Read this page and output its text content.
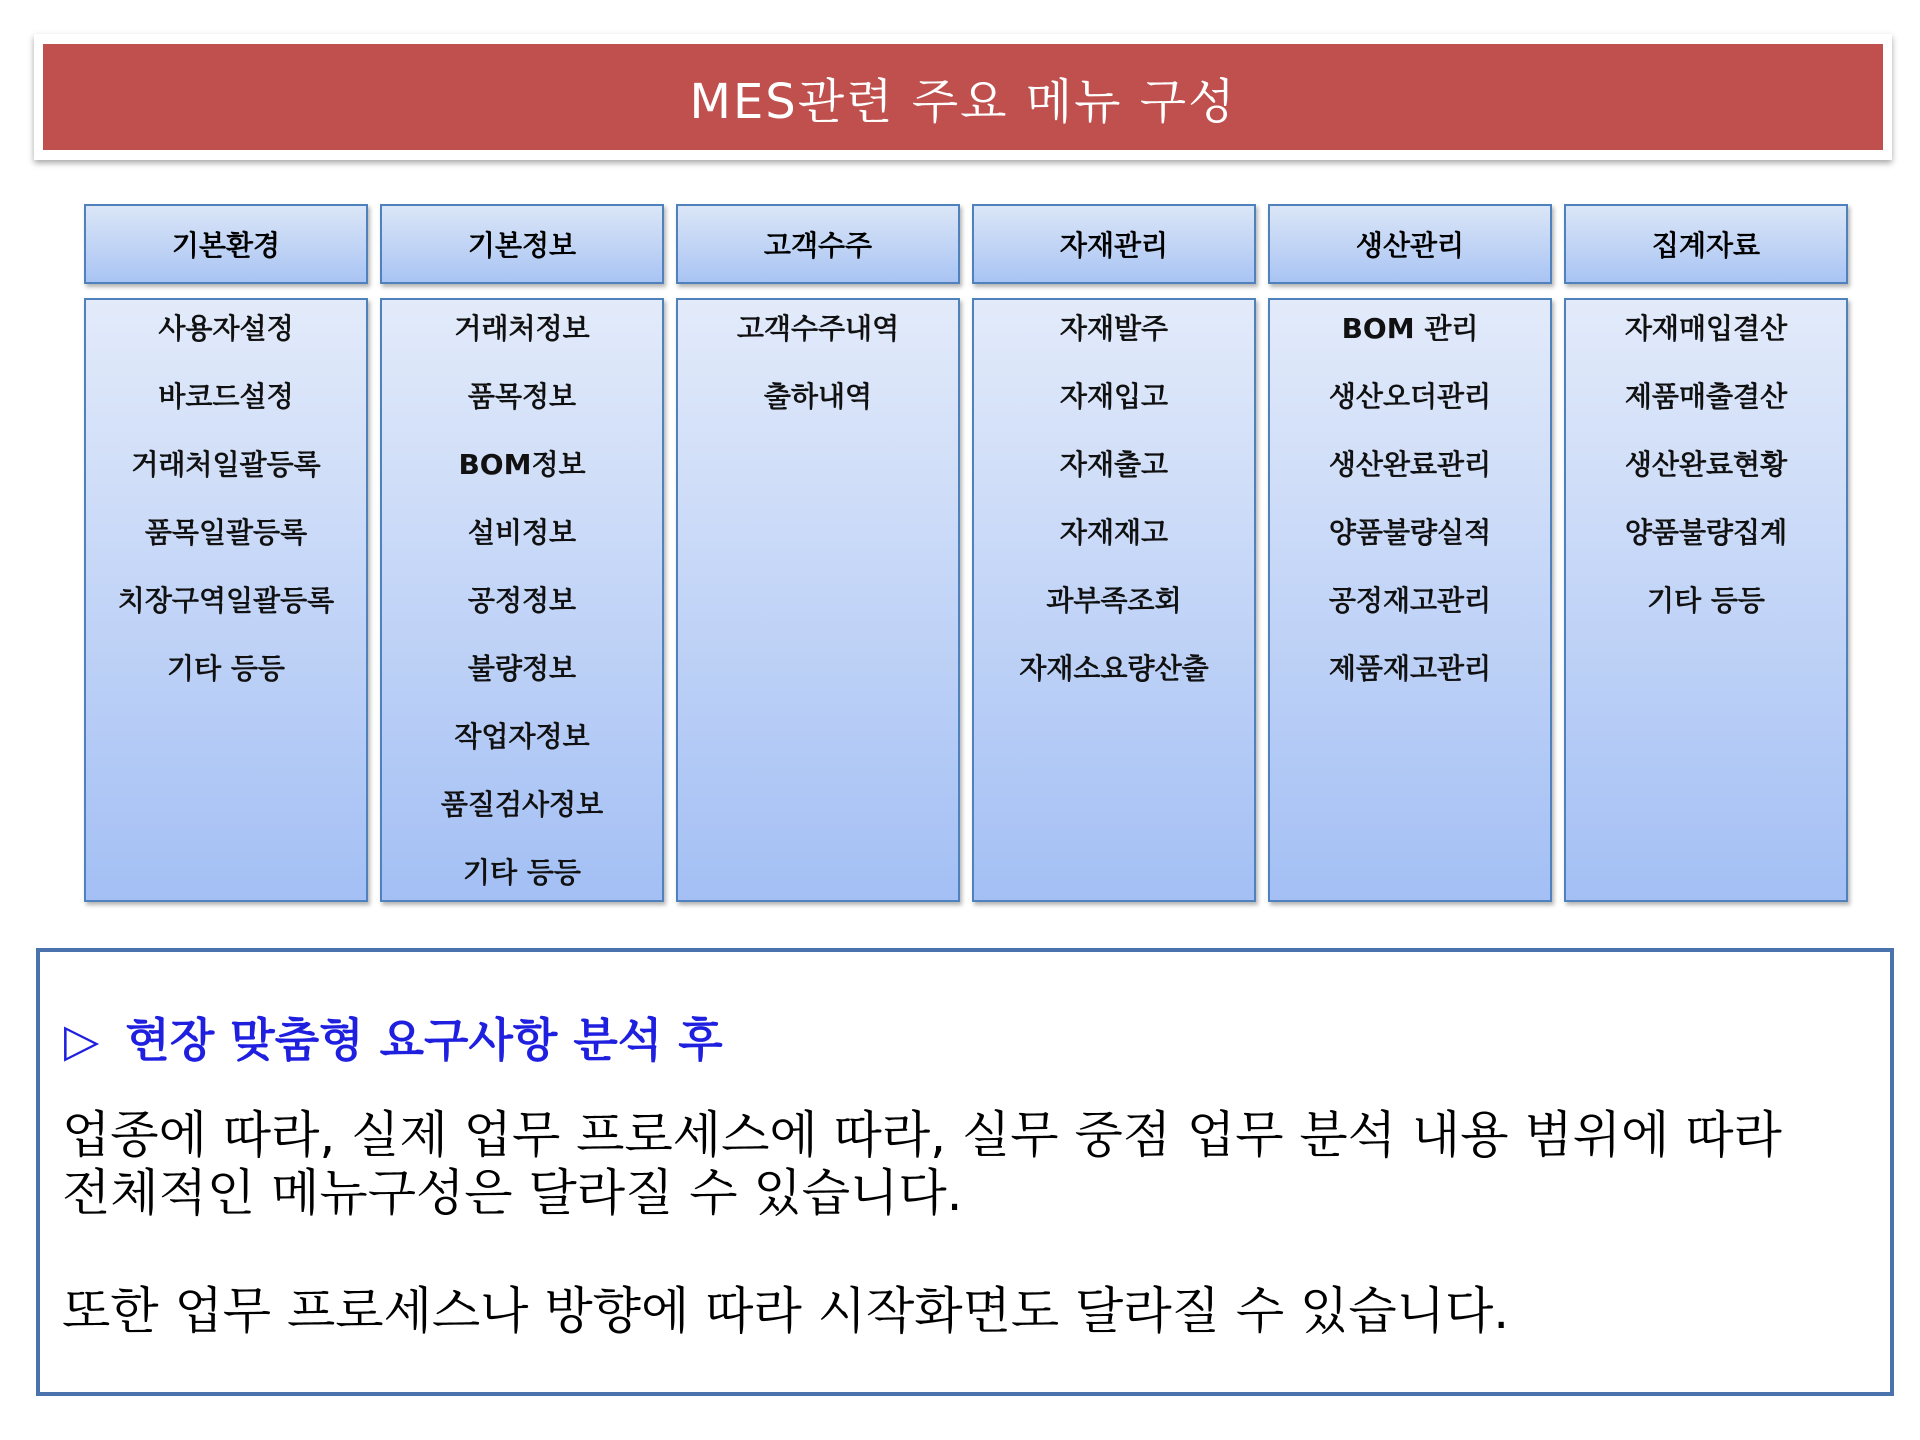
MES관련 주요 메뉴 구성
기본환경
사용자설정
바코드설정
거래처일괄등록
품목일괄등록
치장구역일괄등록
기타 등등
기본정보
거래처정보
품목정보
BOM정보
설비정보
공정정보
불량정보
작업자정보
품질검사정보
기타 등등
고객수주
고객수주내역
출하내역
자재관리
자재발주
자재입고
자재출고
자재재고
과부족조회
자재소요량산출
생산관리
BOM 관리
생산오더관리
생산완료관리
양품불량실적
공정재고관리
제품재고관리
집계자료
자재매입결산
제품매출결산
생산완료현황
양품불량집계
기타 등등
▷ 현장 맞춤형 요구사항 분석 후
업종에 따라, 실제 업무 프로세스에 따라, 실무 중점 업무 분석 내용 범위에 따라
전체적인 메뉴구성은 달라질 수 있습니다.
또한 업무 프로세스나 방향에 따라 시작화면도 달라질 수 있습니다.
